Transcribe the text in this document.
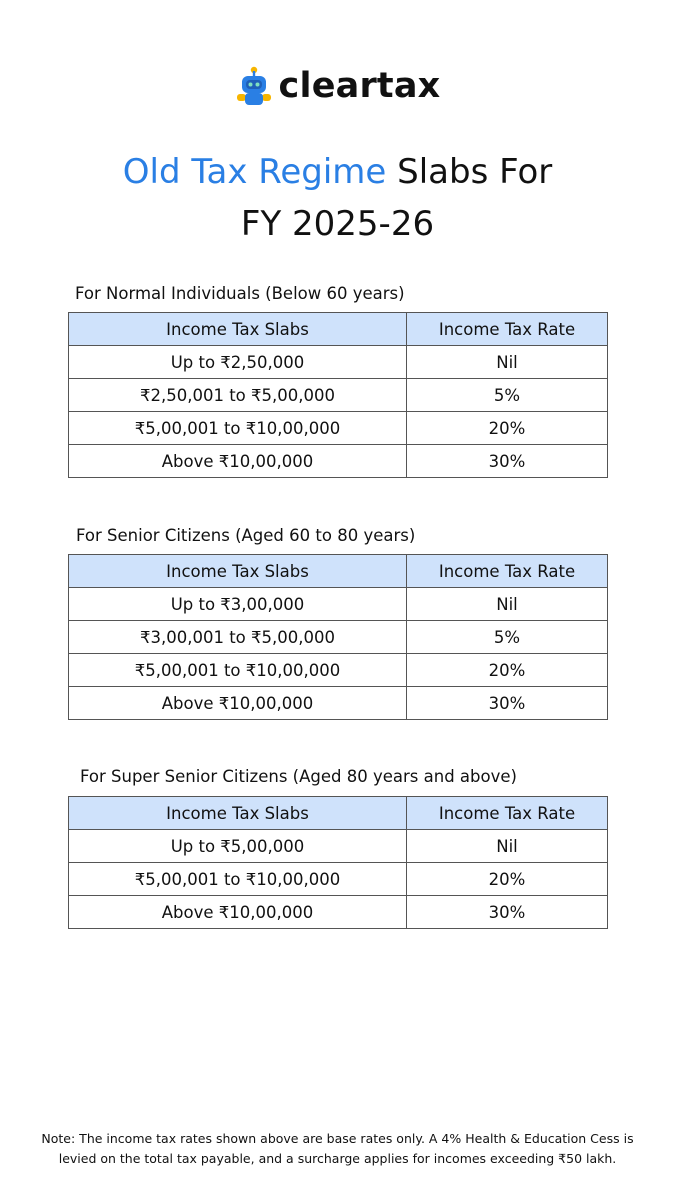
cleartax
Old Tax Regime Slabs For
FY 2025-26
For Normal Individuals (Below 60 years)
Income Tax Slabs	Income Tax Rate
Up to ₹2,50,000	Nil
₹2,50,001 to ₹5,00,000	5%
₹5,00,001 to ₹10,00,000	20%
Above ₹10,00,000	30%
For Senior Citizens (Aged 60 to 80 years)
Income Tax Slabs	Income Tax Rate
Up to ₹3,00,000	Nil
₹3,00,001 to ₹5,00,000	5%
₹5,00,001 to ₹10,00,000	20%
Above ₹10,00,000	30%
For Super Senior Citizens (Aged 80 years and above)
Income Tax Slabs	Income Tax Rate
Up to ₹5,00,000	Nil
₹5,00,001 to ₹10,00,000	20%
Above ₹10,00,000	30%
Note: The income tax rates shown above are base rates only. A 4% Health & Education Cess is
levied on the total tax payable, and a surcharge applies for incomes exceeding ₹50 lakh.
